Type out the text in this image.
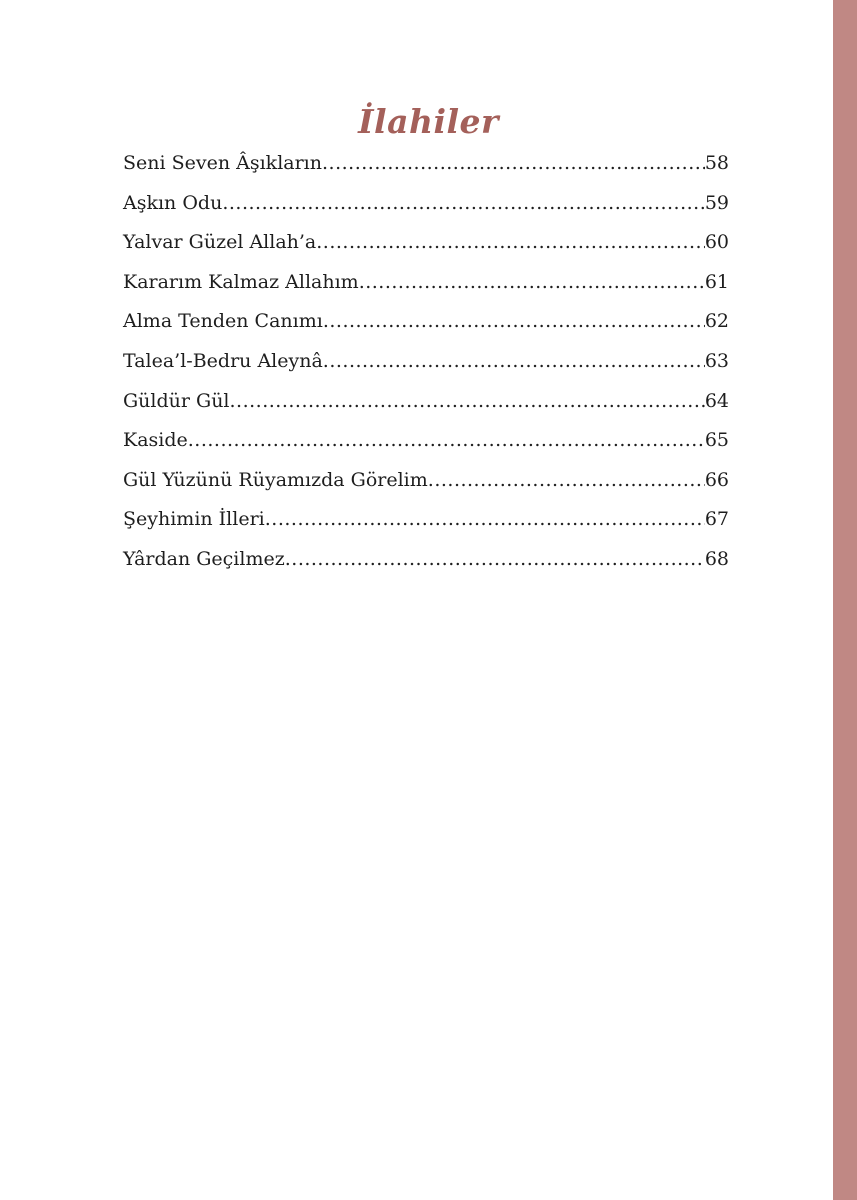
İlahiler
Seni Seven Âşıkların .....	58
Aşkın Odu .....	59
Yalvar Güzel Allah’a .....	60
Kararım Kalmaz Allahım .....	61
Alma Tenden Canımı .....	62
Talea’l-Bedru Aleynâ .....	63
Güldür Gül .....	64
Kaside .....	65
Gül Yüzünü Rüyamızda Görelim .....	66
Şeyhimin İlleri .....	67
Yârdan Geçilmez .....	68
